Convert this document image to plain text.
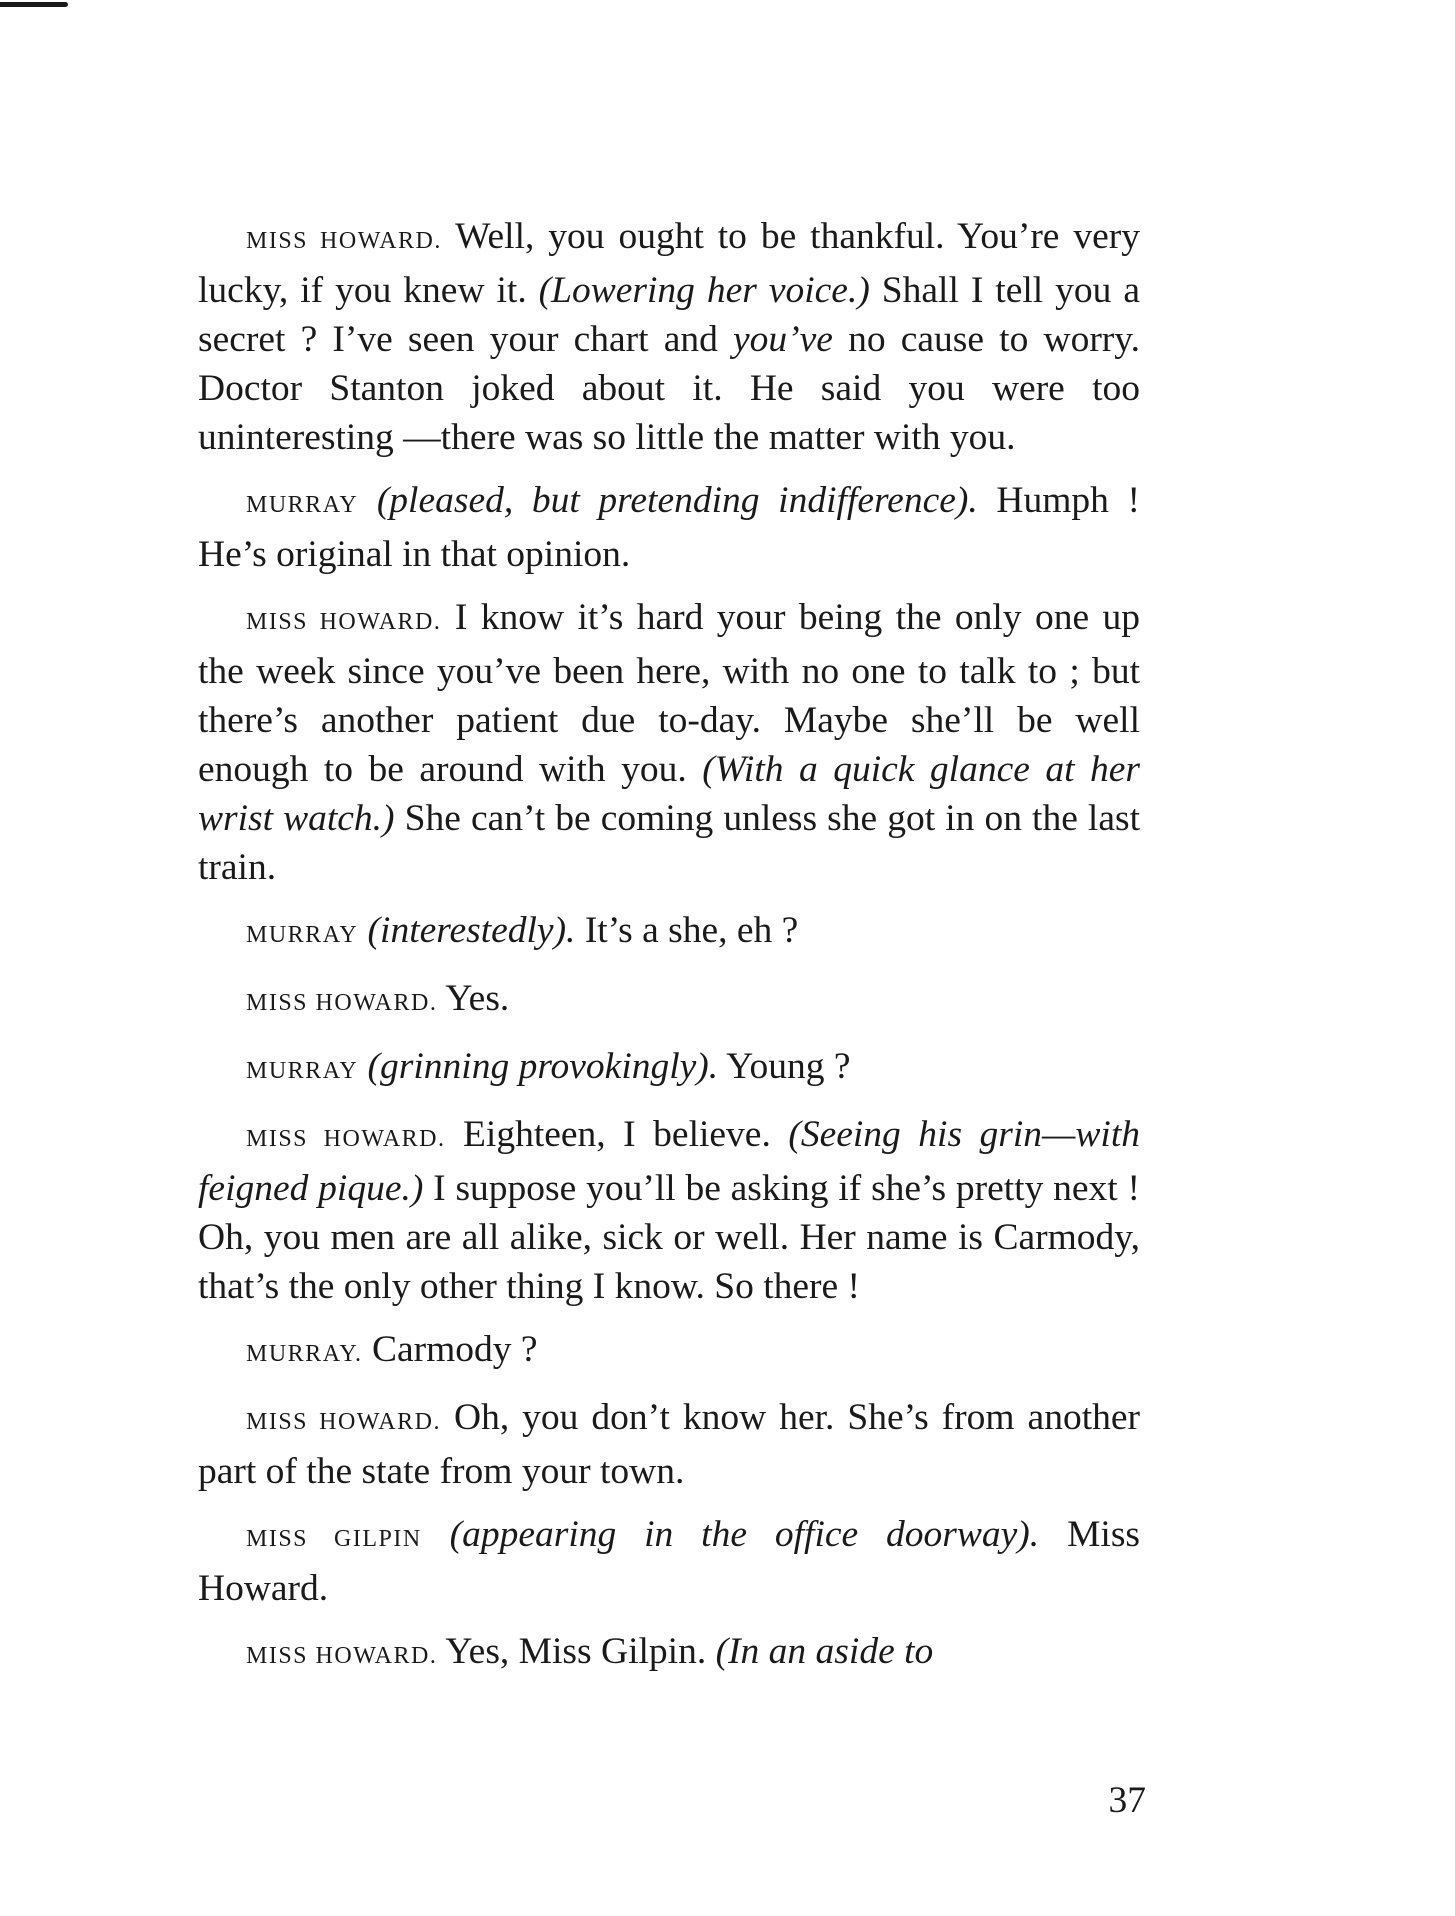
MISS HOWARD. Well, you ought to be thankful. You’re very lucky, if you knew it. (Lowering her voice.) Shall I tell you a secret ? I’ve seen your chart and you’ve no cause to worry. Doctor Stanton joked about it. He said you were too uninteresting —there was so little the matter with you.

MURRAY (pleased, but pretending indifference). Humph ! He’s original in that opinion.

MISS HOWARD. I know it’s hard your being the only one up the week since you’ve been here, with no one to talk to ; but there’s another patient due to-day. Maybe she’ll be well enough to be around with you. (With a quick glance at her wrist watch.) She can’t be coming unless she got in on the last train.

MURRAY (interestedly). It’s a she, eh ?

MISS HOWARD. Yes.

MURRAY (grinning provokingly). Young ?

MISS HOWARD. Eighteen, I believe. (Seeing his grin—with feigned pique.) I suppose you’ll be asking if she’s pretty next ! Oh, you men are all alike, sick or well. Her name is Carmody, that’s the only other thing I know. So there !

MURRAY. Carmody ?

MISS HOWARD. Oh, you don’t know her. She’s from another part of the state from your town.

MISS GILPIN (appearing in the office doorway). Miss Howard.

MISS HOWARD. Yes, Miss Gilpin. (In an aside to

37
